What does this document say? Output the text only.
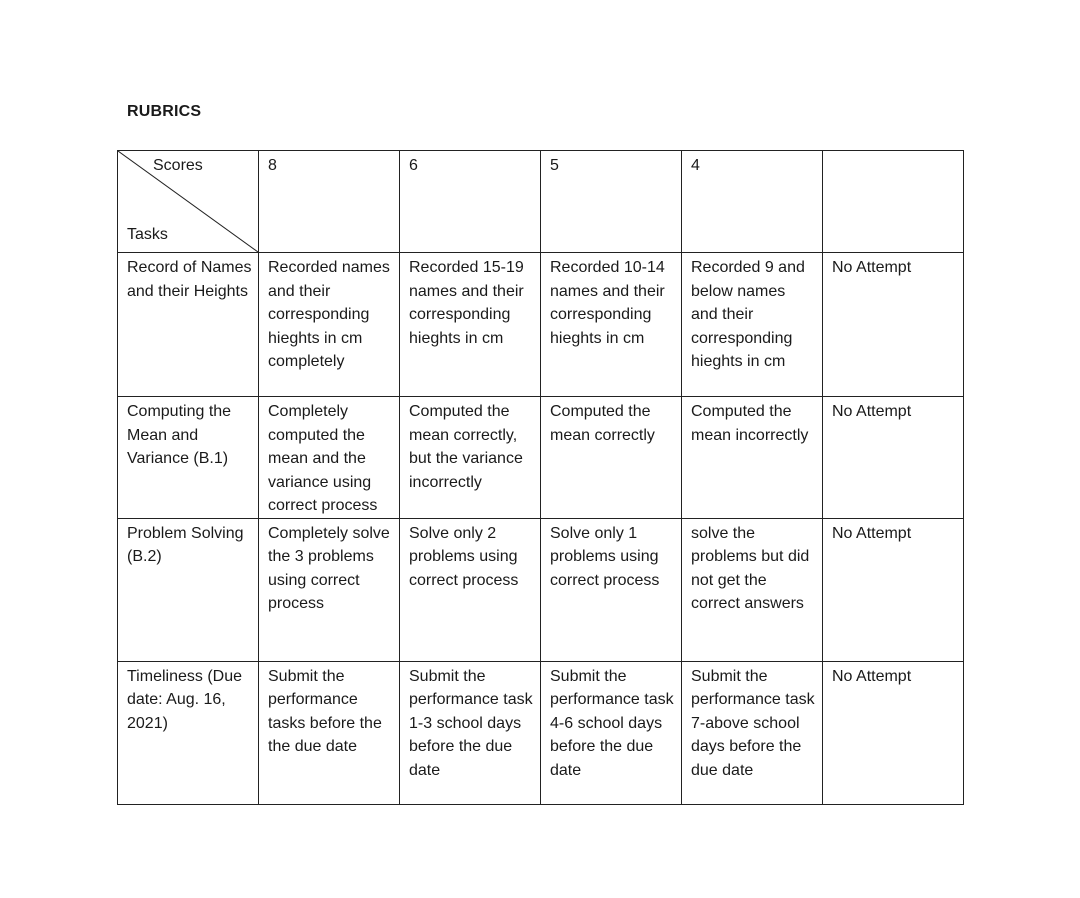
RUBRICS
Scores
Tasks	8	6	5	4	
Record of Names and their Heights	Recorded names and their corresponding hieghts in cm completely	Recorded 15-19 names and their corresponding hieghts in cm	Recorded 10-14 names and their corresponding hieghts in cm	Recorded 9 and below names and their corresponding hieghts in cm	No Attempt
Computing the Mean and Variance (B.1)	Completely computed the mean and the variance using correct process	Computed the mean correctly, but the variance incorrectly	Computed the mean correctly	Computed the mean incorrectly	No Attempt
Problem Solving (B.2)	Completely solve the 3 problems using correct process	Solve only 2 problems using correct process	Solve only 1 problems using correct process	solve the problems but did not get the correct answers	No Attempt
Timeliness (Due date: Aug. 16, 2021)	Submit the performance tasks before the the due date	Submit the performance task 1-3 school days before the due date	Submit the performance task 4-6 school days before the due date	Submit the performance task 7-above school days before the due date	No Attempt
